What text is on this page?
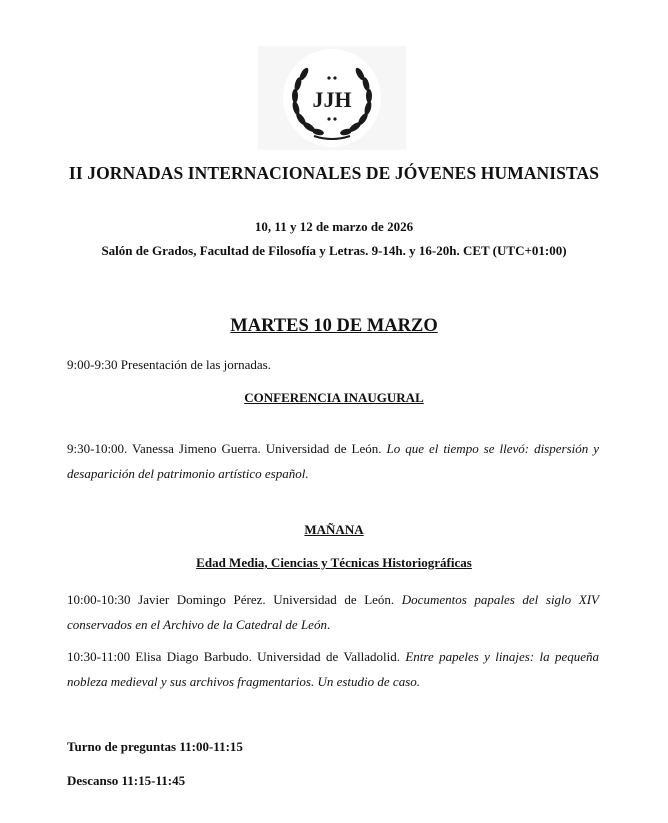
JJH
II JORNADAS INTERNACIONALES DE JÓVENES HUMANISTAS
10, 11 y 12 de marzo de 2026
Salón de Grados, Facultad de Filosofía y Letras. 9-14h. y 16-20h. CET (UTC+01:00)
MARTES 10 DE MARZO
9:00-9:30 Presentación de las jornadas.
CONFERENCIA INAUGURAL
9:30-10:00. Vanessa Jimeno Guerra. Universidad de León. Lo que el tiempo se llevó: dispersión y desaparición del patrimonio artístico español.
MAÑANA
Edad Media, Ciencias y Técnicas Historiográficas
10:00-10:30 Javier Domingo Pérez. Universidad de León. Documentos papales del siglo XIV conservados en el Archivo de la Catedral de León.
10:30-11:00 Elisa Diago Barbudo. Universidad de Valladolid. Entre papeles y linajes: la pequeña nobleza medieval y sus archivos fragmentarios. Un estudio de caso.
Turno de preguntas 11:00-11:15
Descanso 11:15-11:45
